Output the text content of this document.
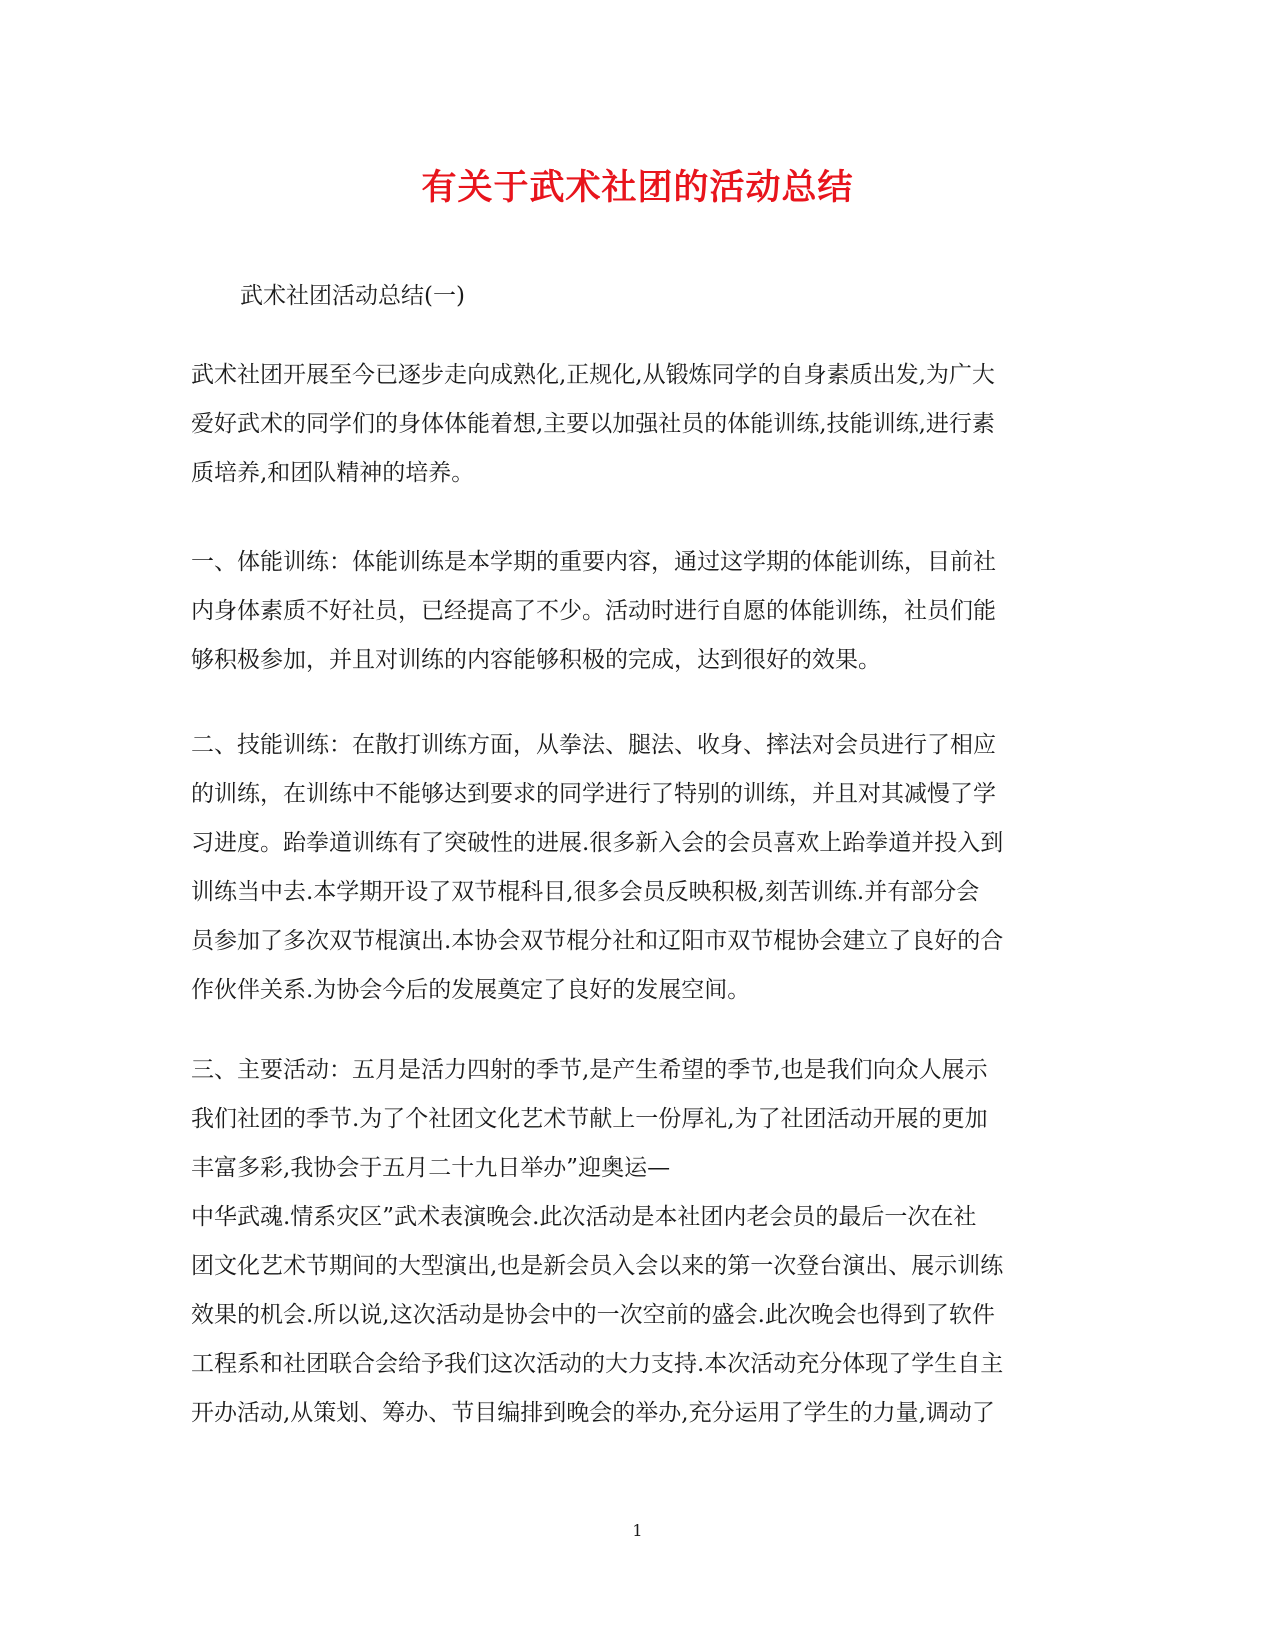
有关于武术社团的活动总结
武术社团活动总结(一)
武术社团开展至今已逐步走向成熟化,正规化,从锻炼同学的自身素质出发,为广大
爱好武术的同学们的身体体能着想,主要以加强社员的体能训练,技能训练,进行素
质培养,和团队精神的培养。
一、体能训练：体能训练是本学期的重要内容，通过这学期的体能训练，目前社
内身体素质不好社员，已经提高了不少。活动时进行自愿的体能训练，社员们能
够积极参加，并且对训练的内容能够积极的完成，达到很好的效果。
二、技能训练：在散打训练方面，从拳法、腿法、收身、摔法对会员进行了相应
的训练，在训练中不能够达到要求的同学进行了特别的训练，并且对其减慢了学
习进度。跆拳道训练有了突破性的进展.很多新入会的会员喜欢上跆拳道并投入到
训练当中去.本学期开设了双节棍科目,很多会员反映积极,刻苦训练.并有部分会
员参加了多次双节棍演出.本协会双节棍分社和辽阳市双节棍协会建立了良好的合
作伙伴关系.为协会今后的发展奠定了良好的发展空间。
三、主要活动：五月是活力四射的季节,是产生希望的季节,也是我们向众人展示
我们社团的季节.为了个社团文化艺术节献上一份厚礼,为了社团活动开展的更加
丰富多彩,我协会于五月二十九日举办”迎奥运—
中华武魂.情系灾区”武术表演晚会.此次活动是本社团内老会员的最后一次在社
团文化艺术节期间的大型演出,也是新会员入会以来的第一次登台演出、展示训练
效果的机会.所以说,这次活动是协会中的一次空前的盛会.此次晚会也得到了软件
工程系和社团联合会给予我们这次活动的大力支持.本次活动充分体现了学生自主
开办活动,从策划、筹办、节目编排到晚会的举办,充分运用了学生的力量,调动了
1
